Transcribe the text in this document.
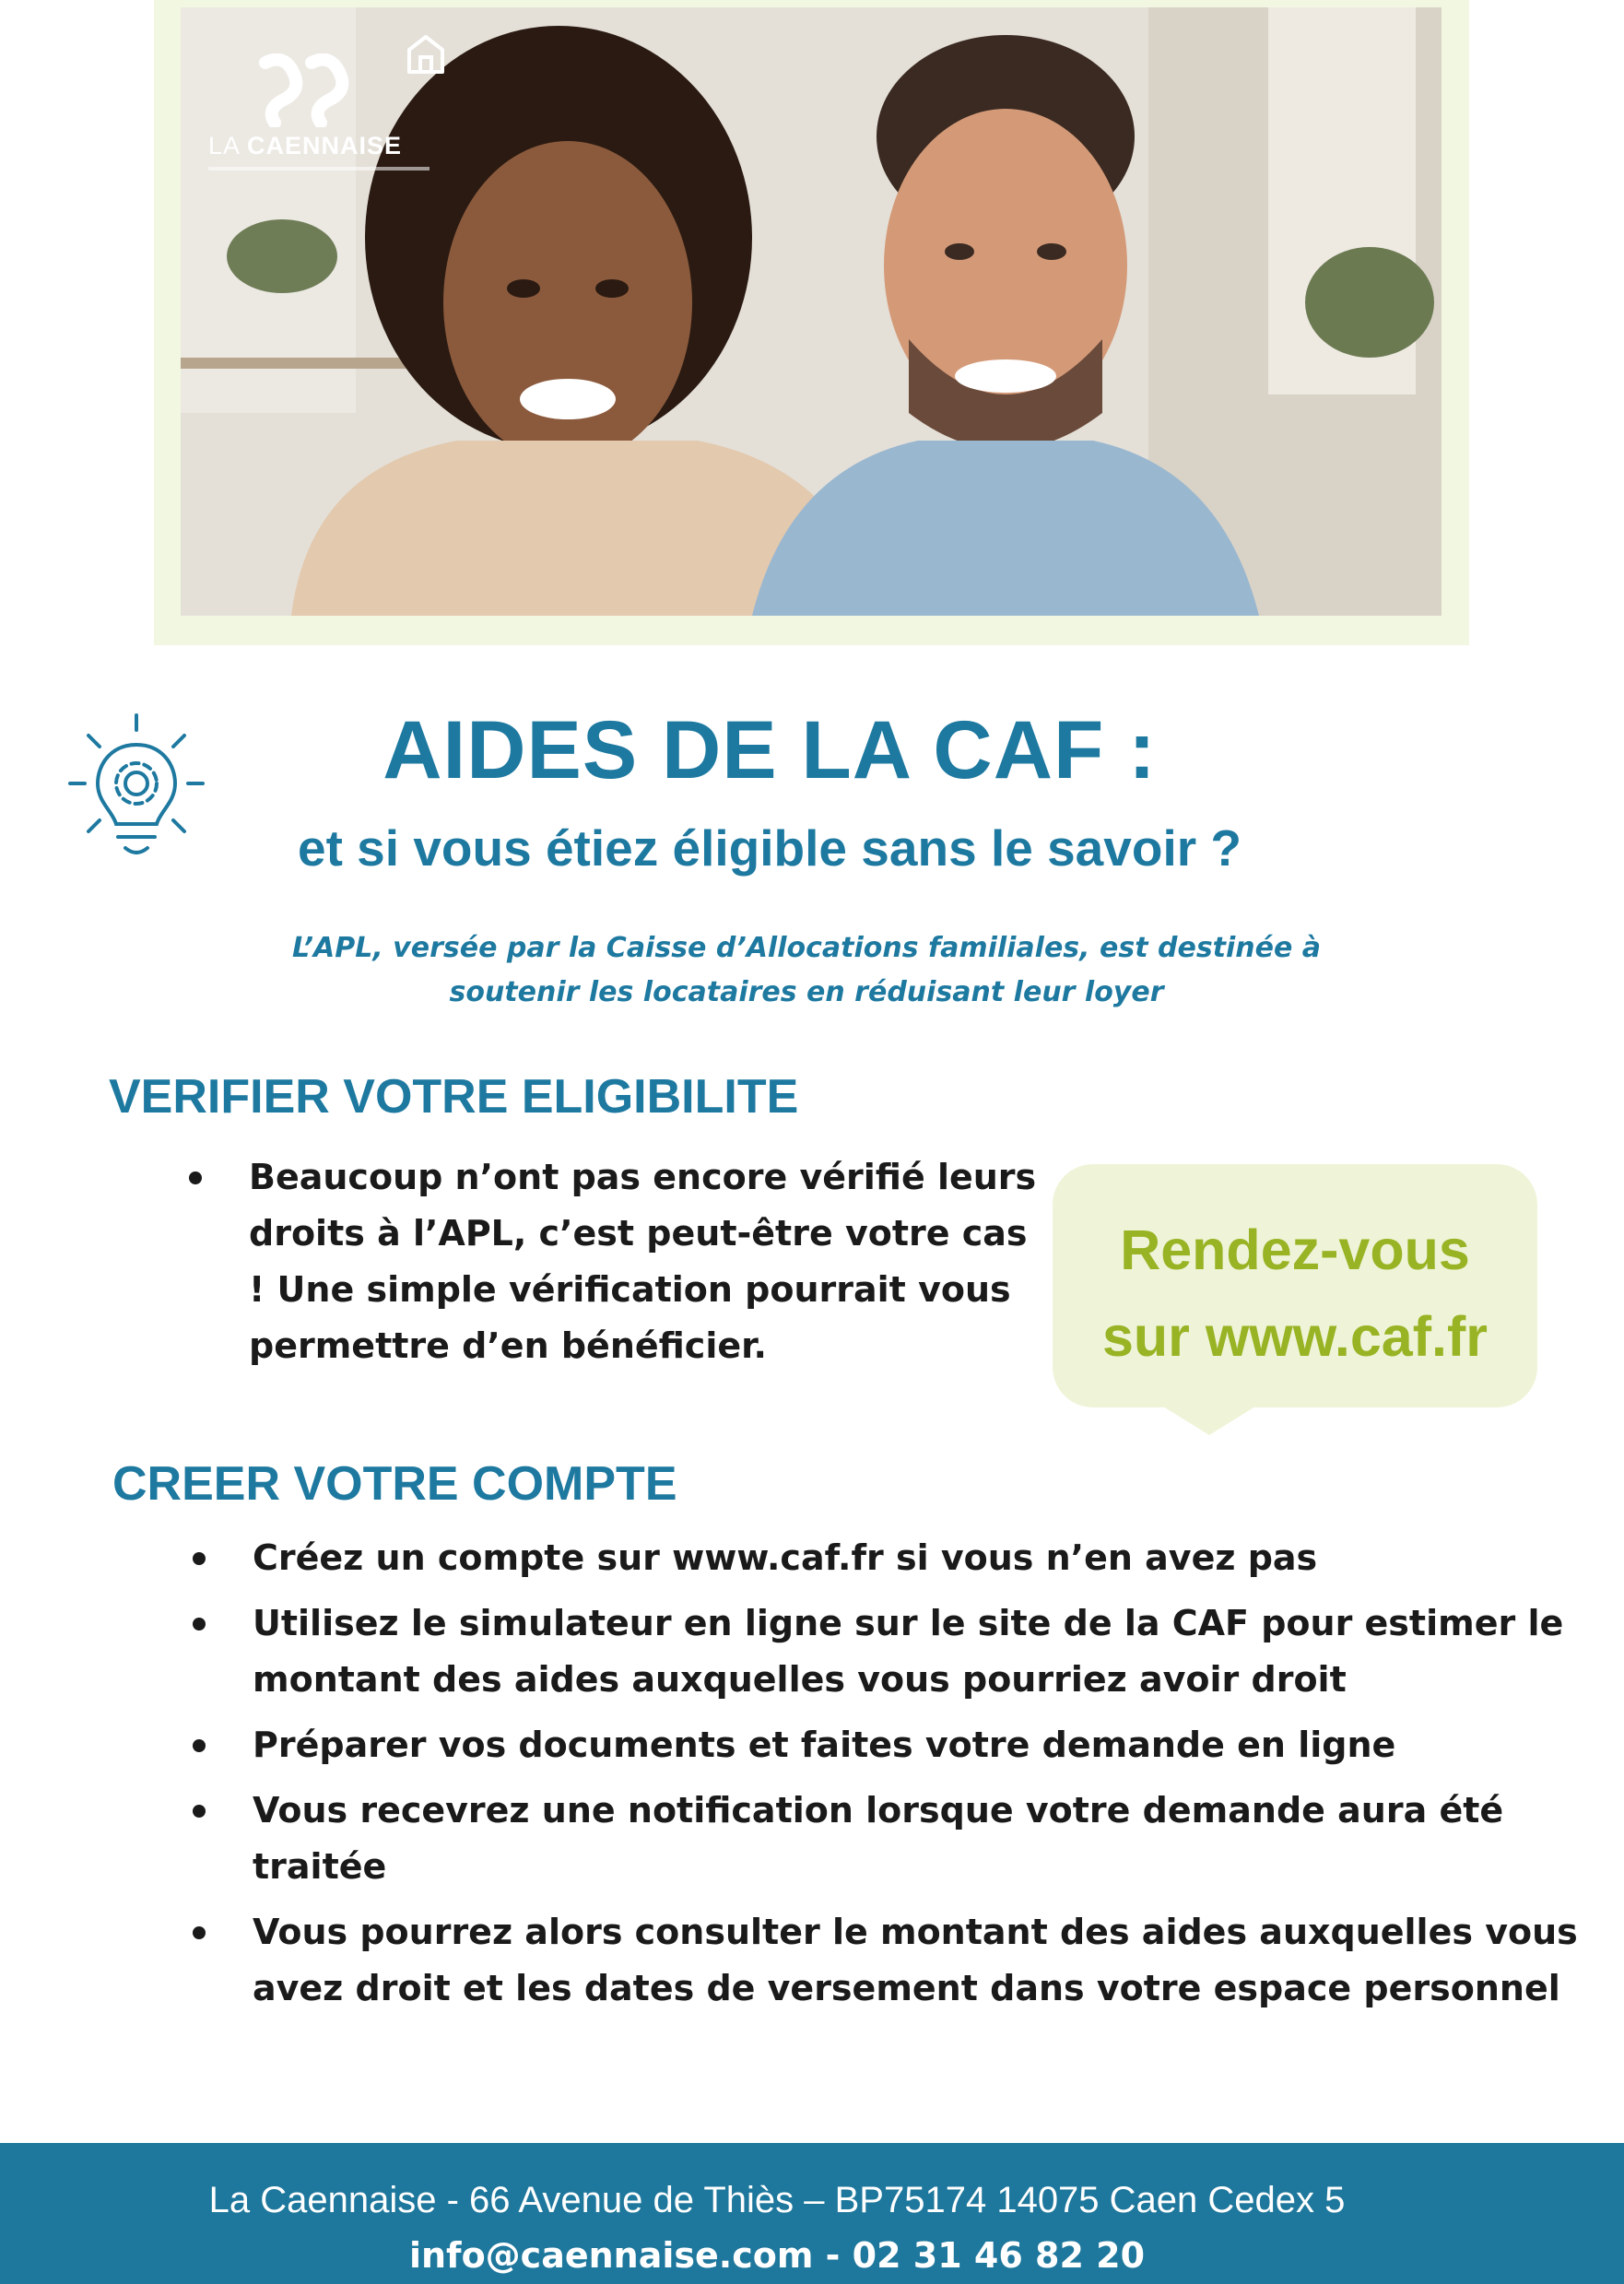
LA CAENNAISE
AIDES DE LA CAF :
et si vous étiez éligible sans le savoir ?

L’APL, versée par la Caisse d’Allocations familiales, est destinée à
soutenir les locataires en réduisant leur loyer

VERIFIER VOTRE ELIGIBILITE
Beaucoup n’ont pas encore vérifié leurs droits à l’APL, c’est peut-être votre cas ! Une simple vérification pourrait vous permettre d’en bénéficier.
Rendez-vous
sur www.caf.fr
CREER VOTRE COMPTE
Créez un compte sur www.caf.fr si vous n’en avez pas
Utilisez le simulateur en ligne sur le site de la CAF pour estimer le montant des aides auxquelles vous pourriez avoir droit
Préparer vos documents et faites votre demande en ligne
Vous recevrez une notification lorsque votre demande aura été traitée
Vous pourrez alors consulter le montant des aides auxquelles vous avez droit et les dates de versement dans votre espace personnel
La Caennaise - 66 Avenue de Thiès – BP75174 14075 Caen Cedex 5
info@caennaise.com - 02 31 46 82 20
